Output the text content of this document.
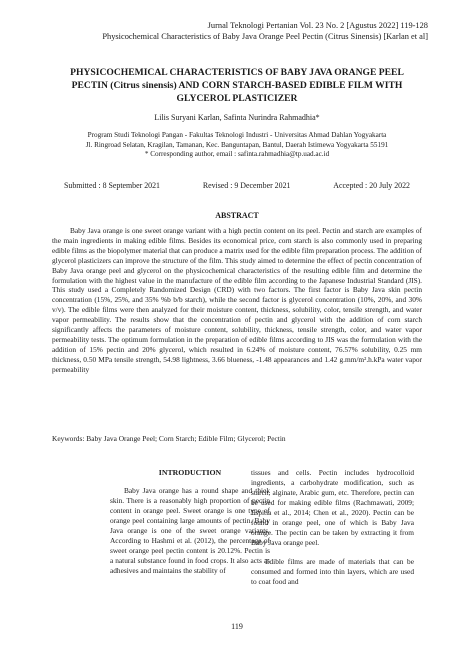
Jurnal Teknologi Pertanian Vol. 23 No. 2 [Agustus 2022] 119-128
Physicochemical Characteristics of Baby Java Orange Peel Pectin (Citrus Sinensis) [Karlan et al]
PHYSICOCHEMICAL CHARACTERISTICS OF BABY JAVA ORANGE PEEL PECTIN (Citrus sinensis) AND CORN STARCH-BASED EDIBLE FILM WITH GLYCEROL PLASTICIZER
Lilis Suryani Karlan, Safinta Nurindra Rahmadhia*
Program Studi Teknologi Pangan - Fakultas Teknologi Industri - Universitas Ahmad Dahlan Yogyakarta
Jl. Ringroad Selatan, Kragilan, Tamanan, Kec. Banguntapan, Bantul, Daerah Istimewa Yogyakarta 55191
* Corresponding author, email : safinta.rahmadhia@tp.uad.ac.id
Submitted : 8 September 2021	Revised : 9 December 2021	Accepted : 20 July 2022
ABSTRACT
Baby Java orange is one sweet orange variant with a high pectin content on its peel. Pectin and starch are examples of the main ingredients in making edible films. Besides its economical price, corn starch is also commonly used in preparing edible films as the biopolymer material that can produce a matrix used for the edible film preparation process. The addition of glycerol plasticizers can improve the structure of the film. This study aimed to determine the effect of pectin concentration of Baby Java orange peel and glycerol on the physicochemical characteristics of the resulting edible film and determine the formulation with the highest value in the manufacture of the edible film according to the Japanese Industrial Standard (JIS). This study used a Completely Randomized Design (CRD) with two factors. The first factor is Baby Java skin pectin concentration (15%, 25%, and 35% %b b/b starch), while the second factor is glycerol concentration (10%, 20%, and 30% v/v). The edible films were then analyzed for their moisture content, thickness, solubility, color, tensile strength, and water vapor permeability. The results show that the concentration of pectin and glycerol with the addition of corn starch significantly affects the parameters of moisture content, solubility, thickness, tensile strength, color, and water vapor permeability tests. The optimum formulation in the preparation of edible films according to JIS was the formulation with the addition of 15% pectin and 20% glycerol, which resulted in 6.24% of moisture content, 76.57% solubility, 0.25 mm thickness, 0.50 MPa tensile strength, 54.98 lightness, 3.66 blueness, -1.48 appearances and 1.42 g.mm/m².h.kPa water vapor permeability
Keywords: Baby Java Orange Peel; Corn Starch; Edible Film; Glycerol; Pectin
INTRODUCTION

Baby Java orange has a round shape and thick skin. There is a reasonably high proportion of pectin content in orange peel. Sweet orange is one type of orange peel containing large amounts of pectin. Baby Java orange is one of the sweet orange variants. According to Hashmi et al. (2012), the percentage of sweet orange peel pectin content is 20.12%. Pectin is a natural substance found in food crops. It also acts as adhesives and maintains the stability of

tissues and cells. Pectin includes hydrocolloid ingredients, a carbohydrate modification, such as starch, alginate, Arabic gum, etc. Therefore, pectin can be used for making edible films (Rachmawati, 2009; Espitia et al., 2014; Chen et al., 2020). Pectin can be found in orange peel, one of which is Baby Java orange. The pectin can be taken by extracting it from Baby Java orange peel.

Edible films are made of materials that can be consumed and formed into thin layers, which are used to coat food and

119
